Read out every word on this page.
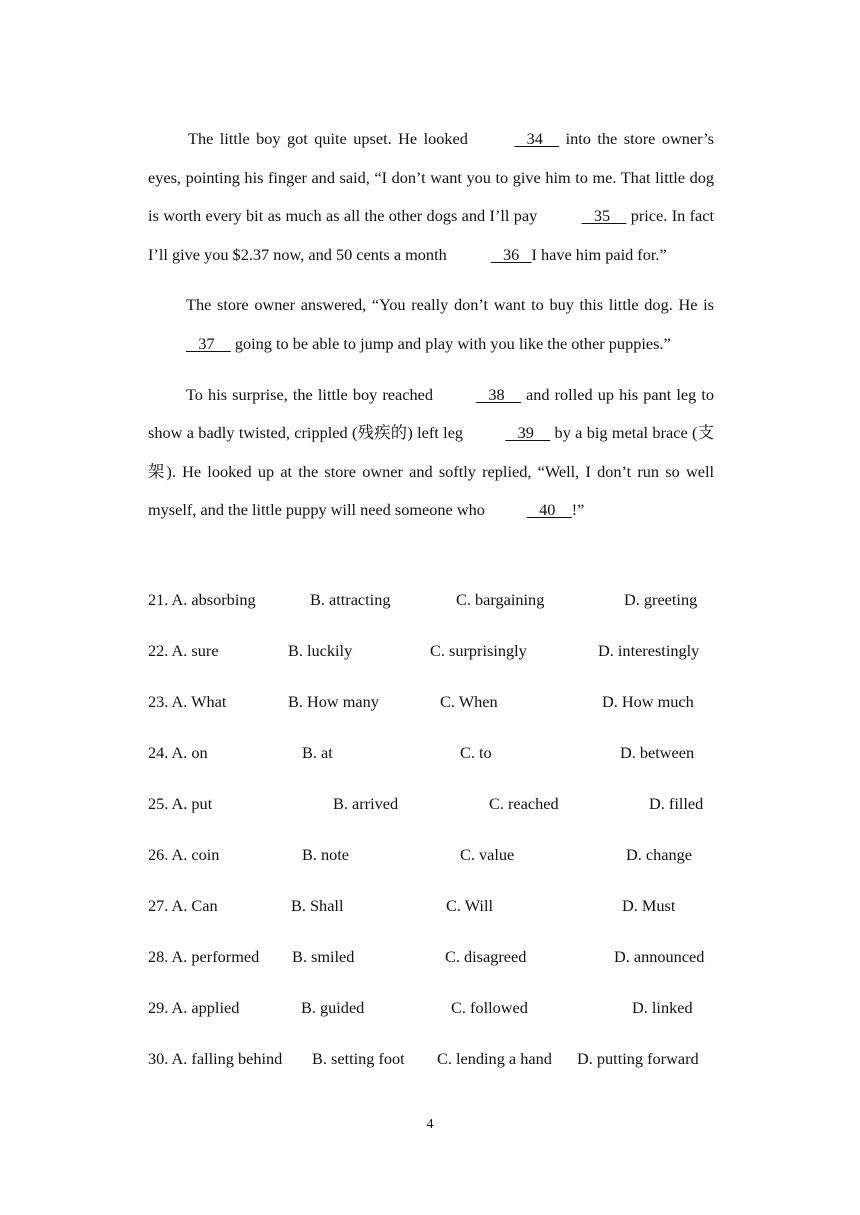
The little boy got quite upset. He looked    34     into the store owner’s eyes, pointing his finger and said, “I don’t want you to give him to me. That little dog is worth every bit as much as all the other dogs and I’ll pay    35     price. In fact I’ll give you $2.37 now, and 50 cents a month    36   I have him paid for.”

The store owner answered, “You really don’t want to buy this little dog. He is    37     going to be able to jump and play with you like the other puppies.”

To his surprise, the little boy reached    38     and rolled up his pant leg to show a badly twisted, crippled (残疾的) left leg    39     by a big metal brace (支架). He looked up at the store owner and softly replied, “Well, I don’t run so well myself, and the little puppy will need someone who    40    !”

21. A. absorbing	B. attracting	C. bargaining	D. greeting
22. A. sure	B. luckily	C. surprisingly	D. interestingly
23. A. What	B. How many	C. When	D. How much
24. A. on	B. at	C. to	D. between
25. A. put	B. arrived	C. reached	D. filled
26. A. coin	B. note	C. value	D. change
27. A. Can	B. Shall	C. Will	D. Must
28. A. performed B. smiled	C. disagreed	D. announced
29. A. applied	B. guided	C. followed	D. linked
30. A. falling behind B. setting foot C. lending a hand D. putting forward
4
